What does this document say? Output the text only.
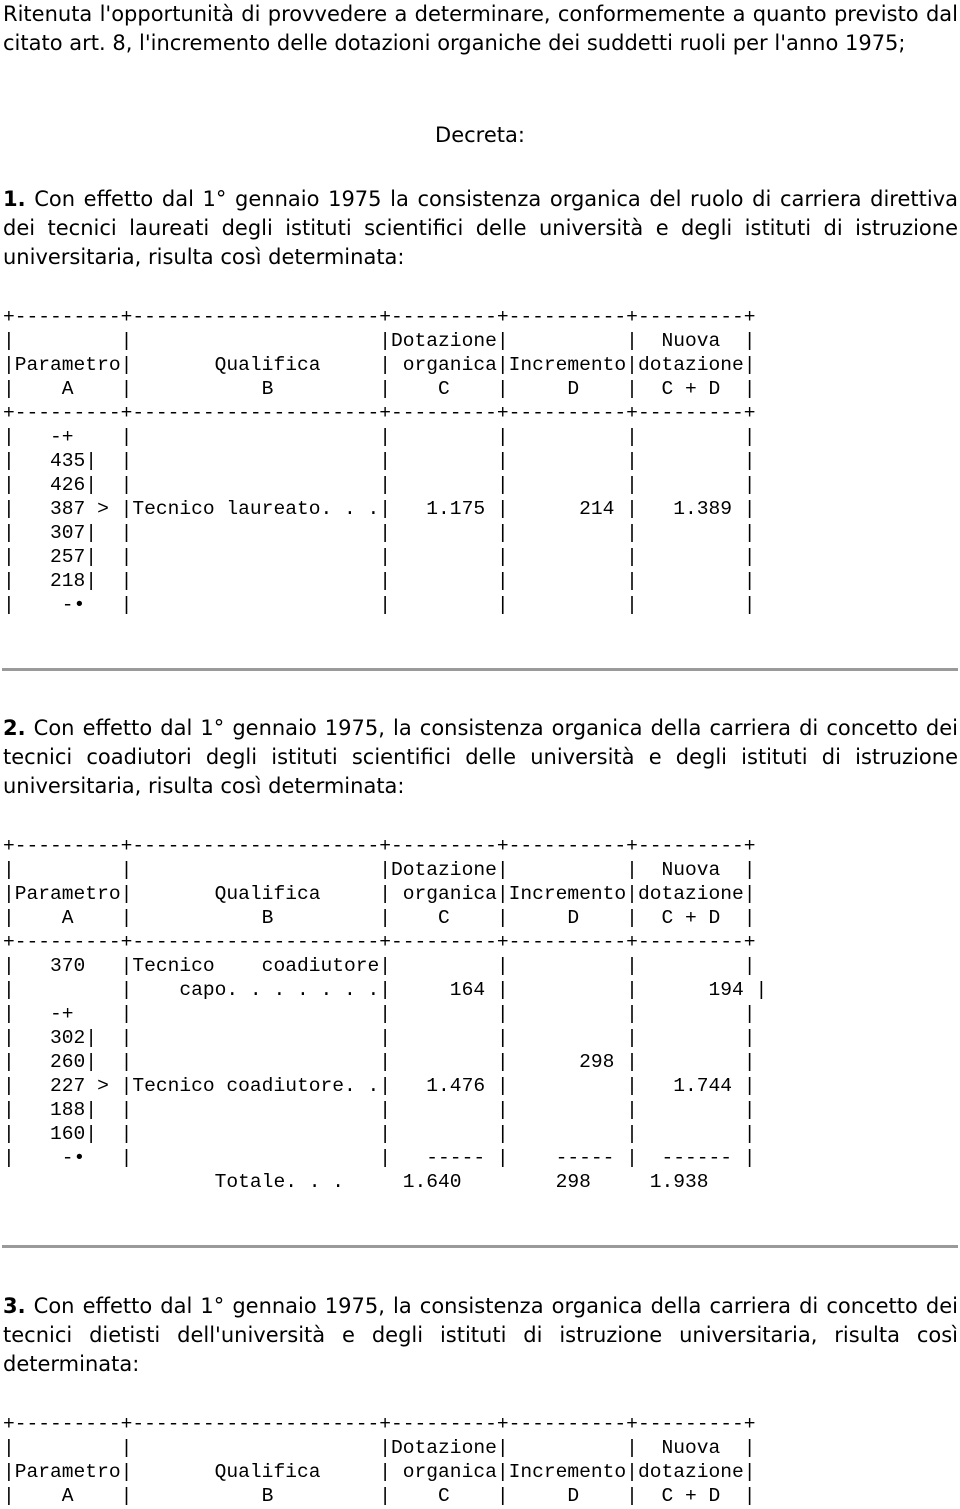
Ritenuta l'opportunità di provvedere a determinare, conformemente a quanto previsto dal citato art. 8, l'incremento delle dotazioni organiche dei suddetti ruoli per l'anno 1975;
Decreta:
1. Con effetto dal 1° gennaio 1975 la consistenza organica del ruolo di carriera direttiva dei tecnici laureati degli istituti scientifici delle università e degli istituti di istruzione universitaria, risulta così determinata:
+---------+---------------------+---------+----------+---------+
|         |                     |Dotazione|          |  Nuova  |
|Parametro|       Qualifica     | organica|Incremento|dotazione|
|    A    |           B         |    C    |     D    |  C + D  |
+---------+---------------------+---------+----------+---------+
|   -+    |                     |         |          |         |
|   435|  |                     |         |          |         |
|   426|  |                     |         |          |         |
|   387 > |Tecnico laureato. . .|   1.175 |      214 |   1.389 |
|   307|  |                     |         |          |         |
|   257|  |                     |         |          |         |
|   218|  |                     |         |          |         |
|    -•   |                     |         |          |         |
2. Con effetto dal 1° gennaio 1975, la consistenza organica della carriera di concetto dei tecnici coadiutori degli istituti scientifici delle università e degli istituti di istruzione universitaria, risulta così determinata:
+---------+---------------------+---------+----------+---------+
|         |                     |Dotazione|          |  Nuova  |
|Parametro|       Qualifica     | organica|Incremento|dotazione|
|    A    |           B         |    C    |     D    |  C + D  |
+---------+---------------------+---------+----------+---------+
|   370   |Tecnico    coadiutore|         |          |         |
|         |    capo. . . . . . .|     164 |          |      194 |
|   -+    |                     |         |          |         |
|   302|  |                     |         |          |         |
|   260|  |                     |         |      298 |         |
|   227 > |Tecnico coadiutore. .|   1.476 |          |   1.744 |
|   188|  |                     |         |          |         |
|   160|  |                     |         |          |         |
|    -•   |                     |   ----- |    ----- |  ------ |
Totale. . .     1.640        298     1.938
3. Con effetto dal 1° gennaio 1975, la consistenza organica della carriera di concetto dei tecnici dietisti dell'università e degli istituti di istruzione universitaria, risulta così determinata:
+---------+---------------------+---------+----------+---------+
|         |                     |Dotazione|          |  Nuova  |
|Parametro|       Qualifica     | organica|Incremento|dotazione|
|    A    |           B         |    C    |     D    |  C + D  |
